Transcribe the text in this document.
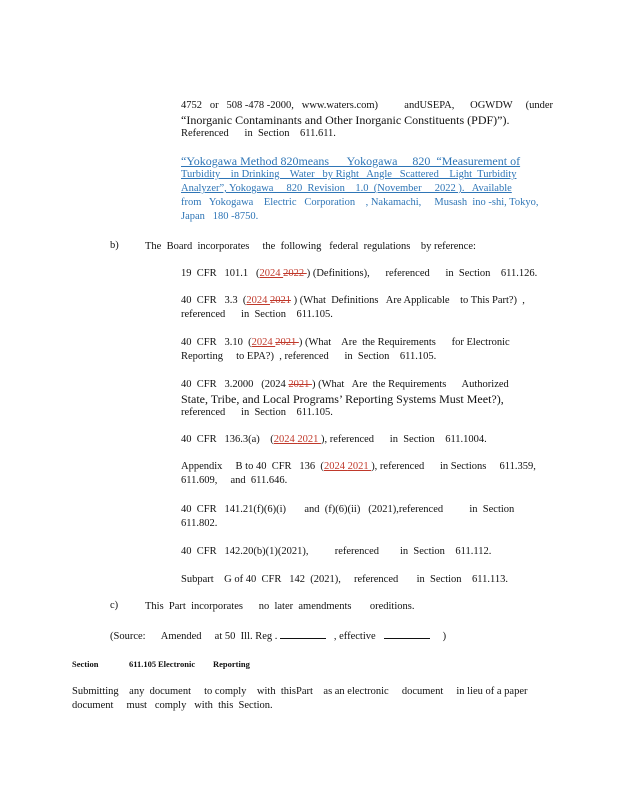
4752   or   508 -478 -2000,   www.waters.com)          andUSEPA,      OGWDW     (under
“Inorganic Contaminants and Other Inorganic Constituents (PDF)”).
Referenced      in  Section    611.611.
“Yokogawa Method 820means      Yokogawa     820  “Measurement of
Turbidity    in Drinking    Water   by Right   Angle   Scattered    Light  Turbidity
Analyzer”, Yokogawa     820  Revision    1.0  (November     2022 ).   Available
from   Yokogawa    Electric   Corporation    , Nakamachi,     Musash  ino -shi, Tokyo,
Japan   180 -8750.
b)	The  Board  incorporates     the  following   federal  regulations    by reference:
19  CFR   101.1   (2024 2022 ) (Definitions),      referenced      in  Section    611.126.
40  CFR   3.3  (2024 2021 ) (What  Definitions   Are Applicable    to This Part?)  ,
referenced      in  Section    611.105.
40  CFR   3.10  (2024 2021 ) (What    Are  the Requirements      for Electronic
Reporting     to EPA?)  , referenced      in  Section    611.105.
40  CFR   3.2000   (2024 2021 ) (What   Are  the Requirements      Authorized
State, Tribe, and Local Programs’ Reporting Systems Must Meet?),
referenced      in  Section    611.105.
40  CFR   136.3(a)    (2024 2021 ), referenced      in  Section    611.1004.
Appendix     B to 40  CFR   136  (2024 2021 ), referenced      in Sections     611.359,
611.609,     and  611.646.
40  CFR   141.21(f)(6)(i)       and  (f)(6)(ii)   (2021),referenced          in  Section
611.802.
40  CFR   142.20(b)(1)(2021),          referenced        in  Section    611.112.
Subpart    G of 40  CFR   142  (2021),     referenced       in  Section    611.113.
c)	This  Part  incorporates      no  later  amendments       oreditions.
(Source:      Amended     at 50  Ill. Reg .	, effective	)
Section	611.105 Electronic Reporting
Submitting    any  document     to comply    with  thisPart    as an electronic     document     in lieu of a paper
document     must   comply   with  this  Section.
